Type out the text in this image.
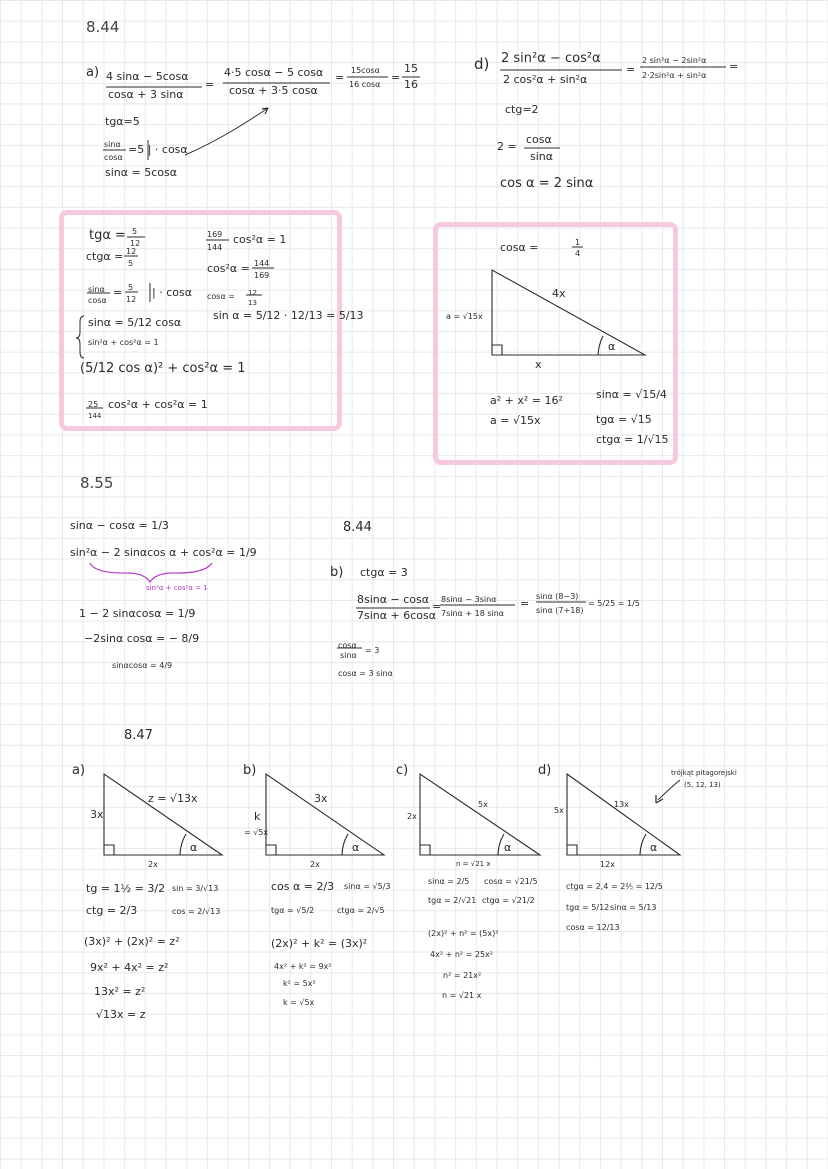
8.44
8.55
8.44
8.47
a) 4 sinα − 5cosα
cosα + 3 sinα
=
4·5 cosα − 5 cosα
cosα + 3·5 cosα
=
15cosα
16 cosα
=
15
16
tgα=5
sinα
cosα
=5 | · cosα
sinα = 5cosα
d) 2 sin²α − cos²α
2 cos²α + sin²α
=
2 sin²α − 2sin²α
2·2sin²α + sin²α
=
ctg=2
2 =
cosα
sinα
cos α = 2 sinα
tgα = 5
12
ctgα = 12
5
sinα
cosα
= 5
12
| · cosα
sinα = 5/12 cosα
sin²α + cos²α = 1
(5/12 cos α)² + cos²α = 1
25
144
cos²α + cos²α = 1
169
144
cos²α = 1
cos²α = 144
169
cosα = 12
13
sin α = 5/12 · 12/13 = 5/13
cosα =	1
4
4x
a = √15x
x
α
a² + x² = 16²
a = √15x
sinα = √15/4
tgα = √15
ctgα = 1/√15
sinα − cosα = 1/3
sin²α − 2 sinαcos α + cos²α = 1/9
sin²α + cos²α = 1
1 − 2 sinαcosα = 1/9
−2sinα cosα = − 8/9
sinαcosα = 4/9
b) ctgα = 3
8sinα − cosα
7sinα + 6cosα
=
8sinα − 3sinα
7sinα + 18 sinα
=
sinα (8−3)
sinα (7+18)
= 5/25 = 1/5
cosα
sinα
= 3
cosα = 3 sinα
a)
3x
z = √13x
2x
α
tg = 1½ = 3/2
ctg = 2/3
sin = 3/√13
cos = 2/√13
(3x)² + (2x)² = z²
9x² + 4x² = z²
13x² = z²
√13x = z
b)
k
= √5x
3x
2x
α
cos α = 2/3
tgα = √5/2
sinα = √5/3
ctgα = 2/√5
(2x)² + k² = (3x)²
4x² + k² = 9x²
k² = 5x²
k = √5x
c)
2x
5x
n = √21 x
α
sinα = 2/5
tgα = 2/√21
cosα = √21/5
ctgα = √21/2
(2x)² + n² = (5x)²
4x² + n² = 25x²
n² = 21x²
n = √21 x
d)
5x
13x
12x
α
trójkąt pitagorejski
(5, 12, 13)
ctgα = 2,4 = 2⅖ = 12/5
tgα = 5/12 sinα = 5/13
cosα = 12/13
